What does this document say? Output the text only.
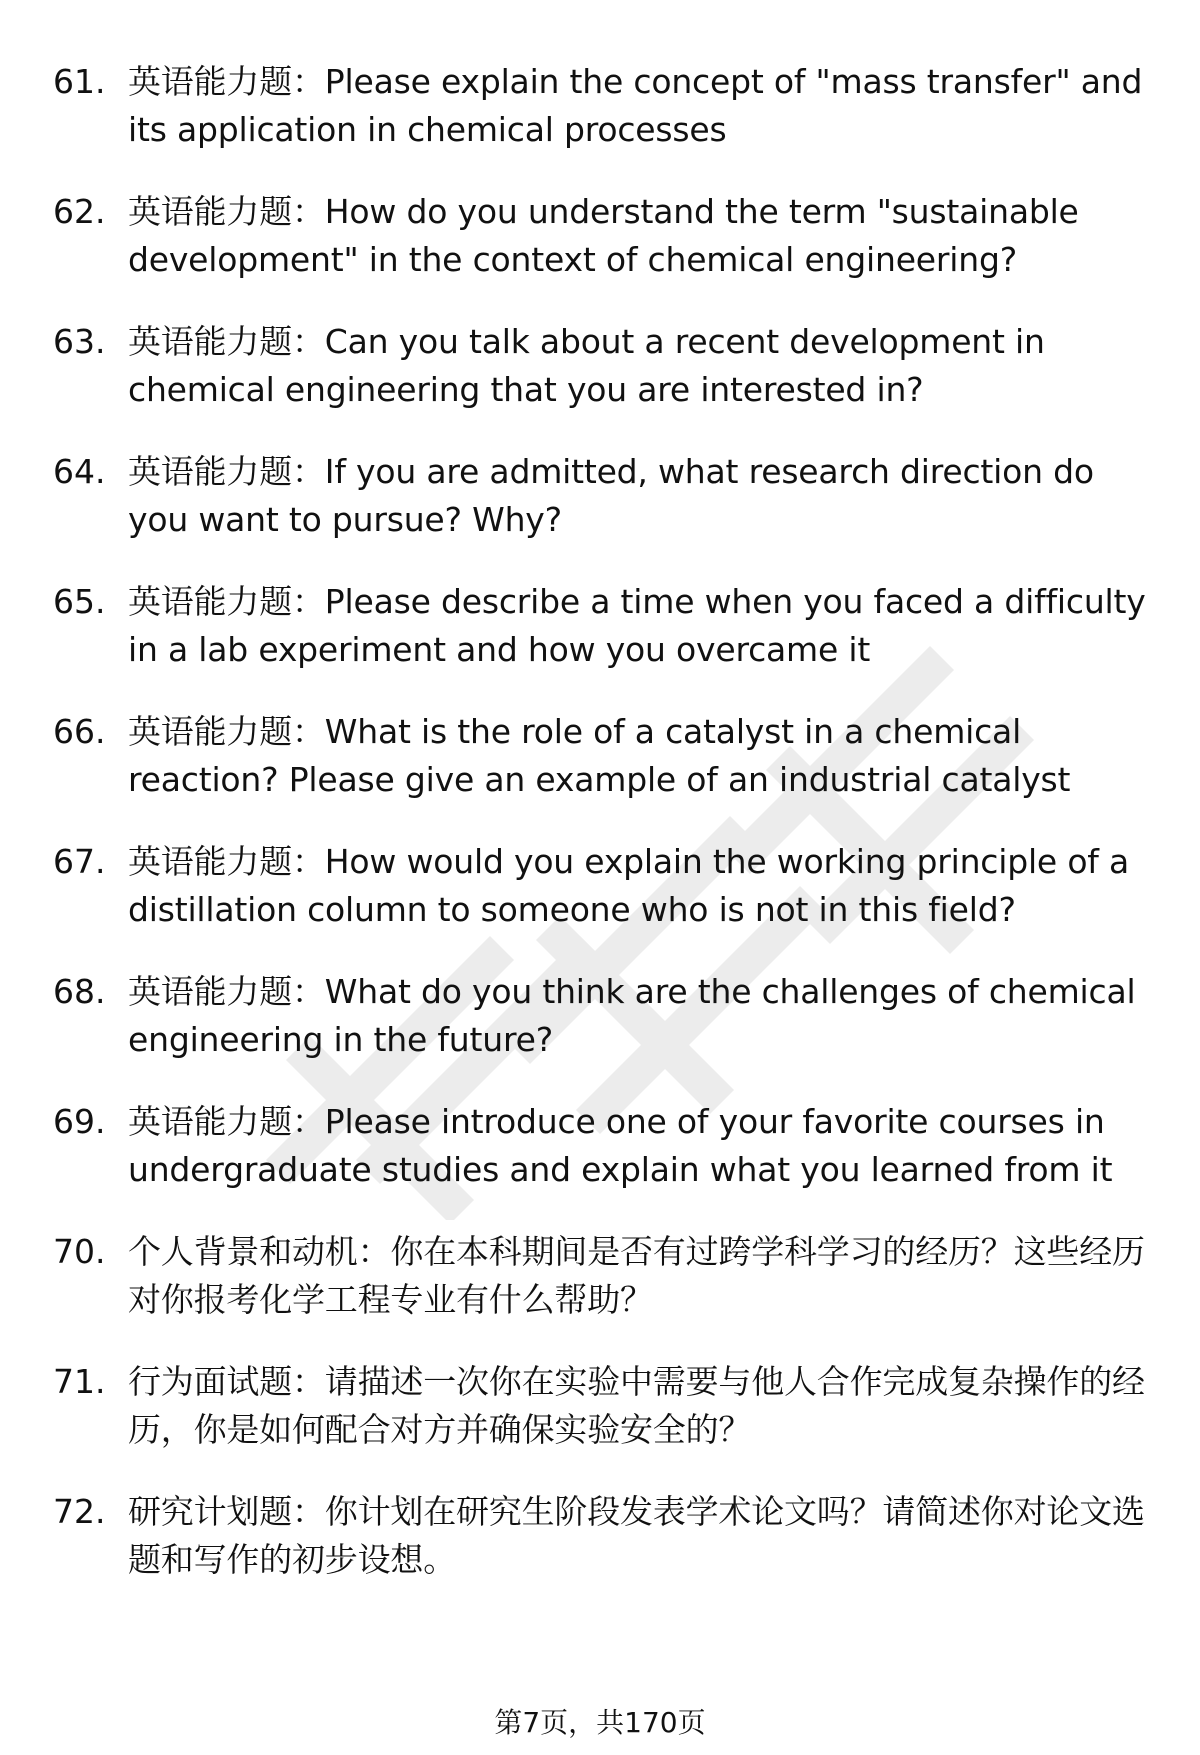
61. 英语能力题：Please explain the concept of "mass transfer" and its application in chemical processes
62. 英语能力题：How do you understand the term "sustainable development" in the context of chemical engineering?
63. 英语能力题：Can you talk about a recent development in chemical engineering that you are interested in?
64. 英语能力题：If you are admitted, what research direction do you want to pursue? Why?
65. 英语能力题：Please describe a time when you faced a difficulty in a lab experiment and how you overcame it
66. 英语能力题：What is the role of a catalyst in a chemical reaction? Please give an example of an industrial catalyst
67. 英语能力题：How would you explain the working principle of a distillation column to someone who is not in this field?
68. 英语能力题：What do you think are the challenges of chemical engineering in the future?
69. 英语能力题：Please introduce one of your favorite courses in undergraduate studies and explain what you learned from it
70. 个人背景和动机：你在本科期间是否有过跨学科学习的经历？这些经历对你报考化学工程专业有什么帮助？
71. 行为面试题：请描述一次你在实验中需要与他人合作完成复杂操作的经历，你是如何配合对方并确保实验安全的？
72. 研究计划题：你计划在研究生阶段发表学术论文吗？请简述你对论文选题和写作的初步设想。
第7页，共170页
